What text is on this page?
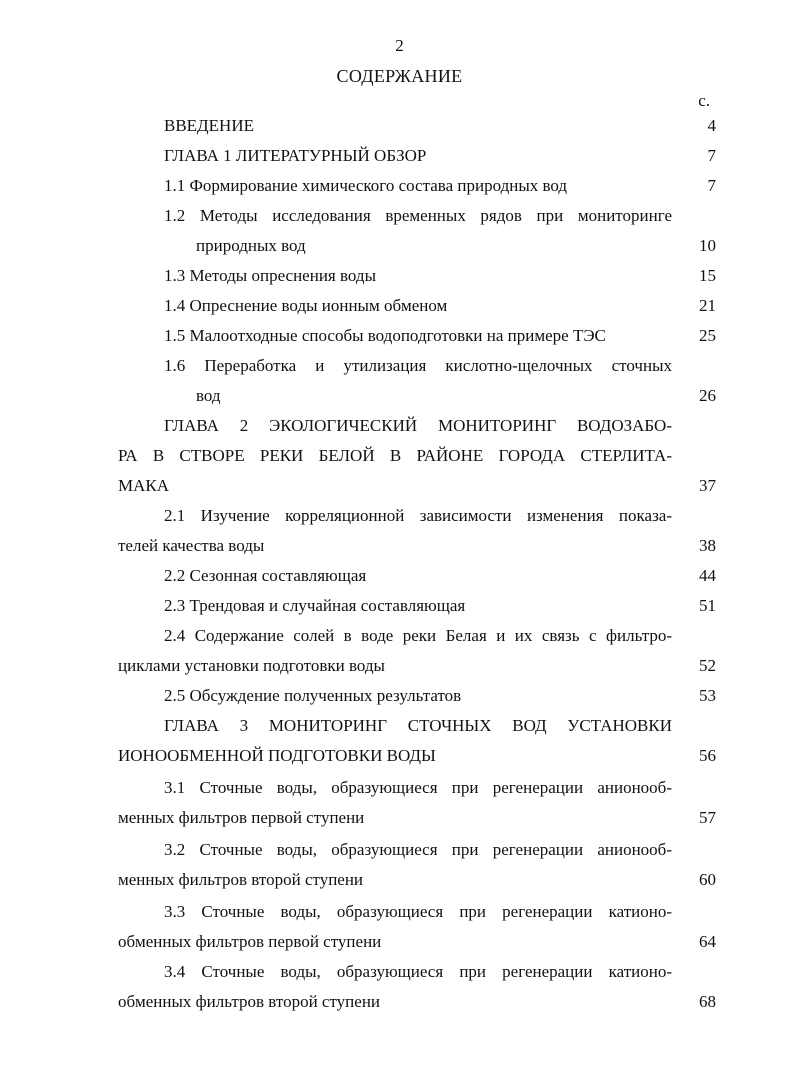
2
СОДЕРЖАНИЕ
с.
ВВЕДЕНИЕ	4
ГЛАВА 1 ЛИТЕРАТУРНЫЙ ОБЗОР	7
1.1 Формирование химического состава природных вод	7
1.2 Методы исследования временных рядов при мониторинге
природных вод	10
1.3 Методы опреснения воды	15
1.4 Опреснение воды ионным обменом	21
1.5 Малоотходные способы водоподготовки на примере ТЭС	25
1.6 Переработка и утилизация кислотно-щелочных сточных
вод	26
ГЛАВА 2 ЭКОЛОГИЧЕСКИЙ МОНИТОРИНГ ВОДОЗАБО-
РА В СТВОРЕ РЕКИ БЕЛОЙ В РАЙОНЕ ГОРОДА СТЕРЛИТА-
МАКА	37
2.1 Изучение корреляционной зависимости изменения показа-
телей качества воды	38
2.2 Сезонная составляющая	44
2.3 Трендовая и случайная составляющая	51
2.4 Содержание солей в воде реки Белая и их связь с фильтро-
циклами установки подготовки воды	52
2.5 Обсуждение полученных результатов	53
ГЛАВА 3 МОНИТОРИНГ СТОЧНЫХ ВОД УСТАНОВКИ
ИОНООБМЕННОЙ ПОДГОТОВКИ ВОДЫ	56
3.1 Сточные воды, образующиеся при регенерации анионооб-
менных фильтров первой ступени	57
3.2 Сточные воды, образующиеся при регенерации анионооб-
менных фильтров второй ступени	60
3.3 Сточные воды, образующиеся при регенерации катионо-
обменных фильтров первой ступени	64
3.4 Сточные воды, образующиеся при регенерации катионо-
обменных фильтров второй ступени	68
